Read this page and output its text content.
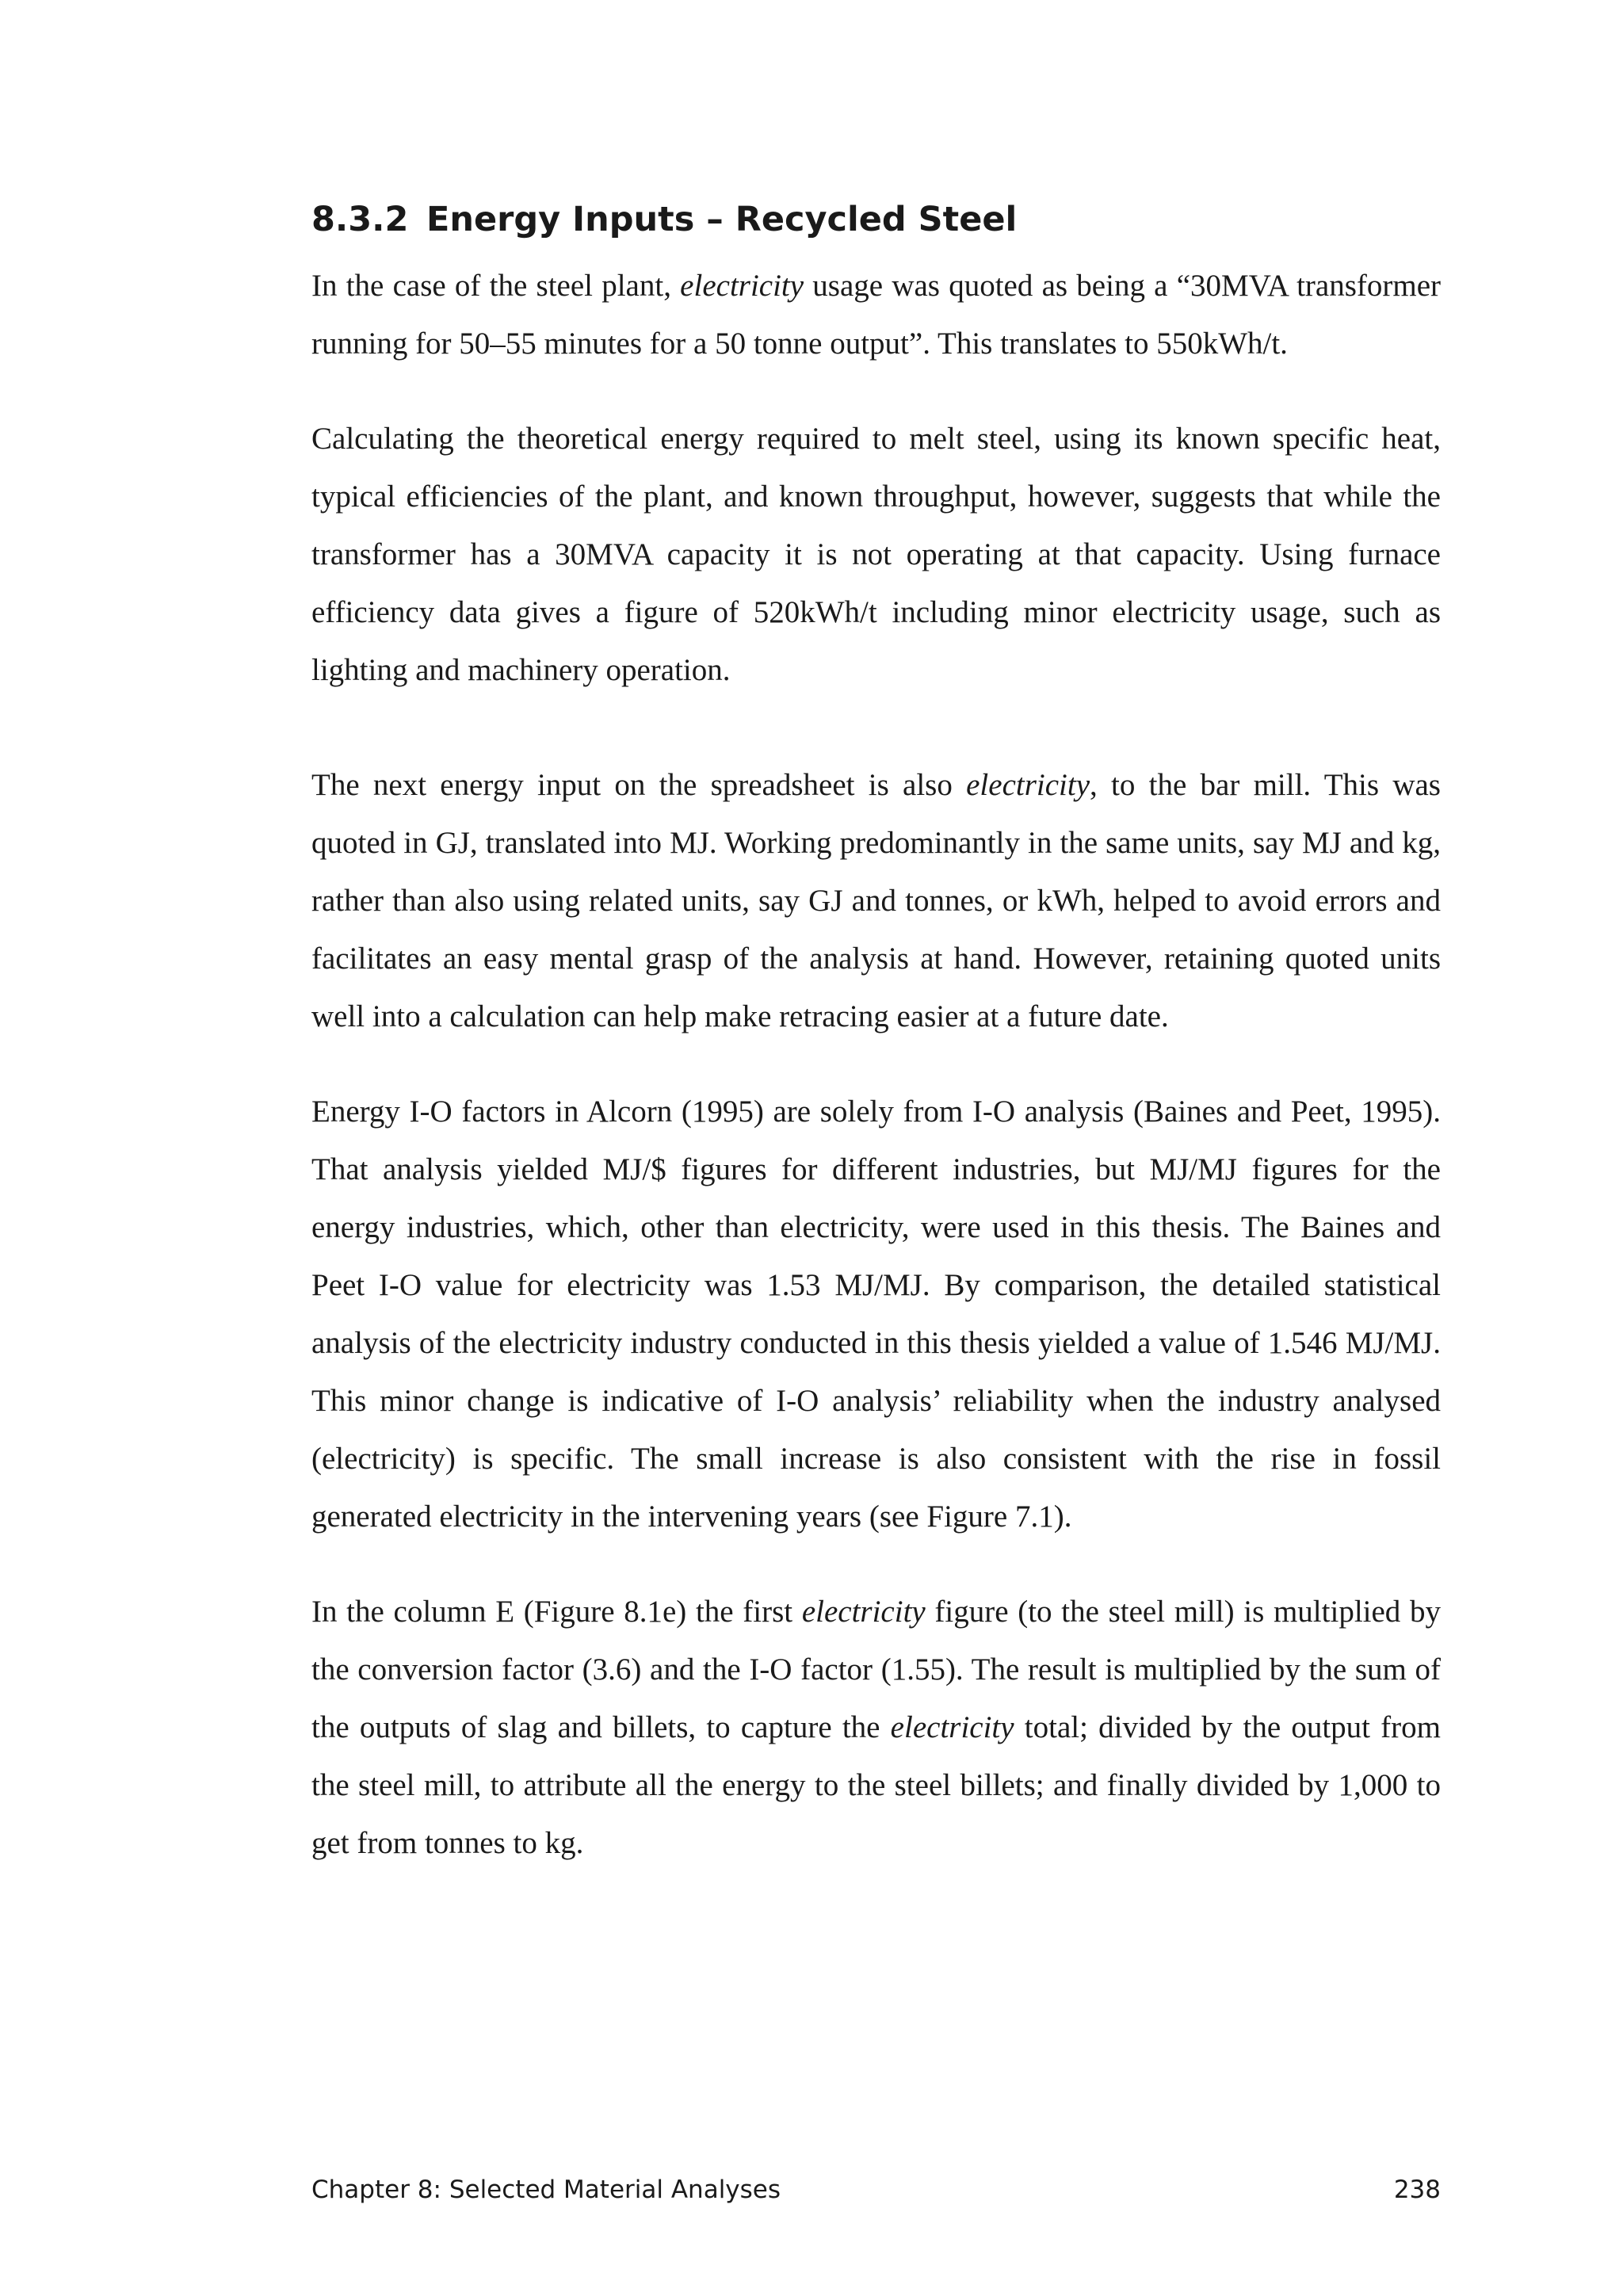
8.3.2 Energy Inputs – Recycled Steel

In the case of the steel plant, electricity usage was quoted as being a “30MVA transformer running for 50–55 minutes for a 50 tonne output”. This translates to 550kWh/t.

Calculating the theoretical energy required to melt steel, using its known specific heat, typical efficiencies of the plant, and known throughput, however, suggests that while the transformer has a 30MVA capacity it is not operating at that capacity. Using furnace efficiency data gives a figure of 520kWh/t including minor electricity usage, such as lighting and machinery operation.

The next energy input on the spreadsheet is also electricity, to the bar mill. This was quoted in GJ, translated into MJ. Working predominantly in the same units, say MJ and kg, rather than also using related units, say GJ and tonnes, or kWh, helped to avoid errors and facilitates an easy mental grasp of the analysis at hand. However, retaining quoted units well into a calculation can help make retracing easier at a future date.

Energy I-O factors in Alcorn (1995) are solely from I-O analysis (Baines and Peet, 1995). That analysis yielded MJ/$ figures for different industries, but MJ/MJ figures for the energy industries, which, other than electricity, were used in this thesis. The Baines and Peet I-O value for electricity was 1.53 MJ/MJ. By comparison, the detailed statistical analysis of the electricity industry conducted in this thesis yielded a value of 1.546 MJ/MJ. This minor change is indicative of I-O analysis’ reliability when the industry analysed (electricity) is specific. The small increase is also consistent with the rise in fossil generated electricity in the intervening years (see Figure 7.1).

In the column E (Figure 8.1e) the first electricity figure (to the steel mill) is multiplied by the conversion factor (3.6) and the I-O factor (1.55). The result is multiplied by the sum of the outputs of slag and billets, to capture the electricity total; divided by the output from the steel mill, to attribute all the energy to the steel billets; and finally divided by 1,000 to get from tonnes to kg.

Chapter 8: Selected Material Analyses	238
